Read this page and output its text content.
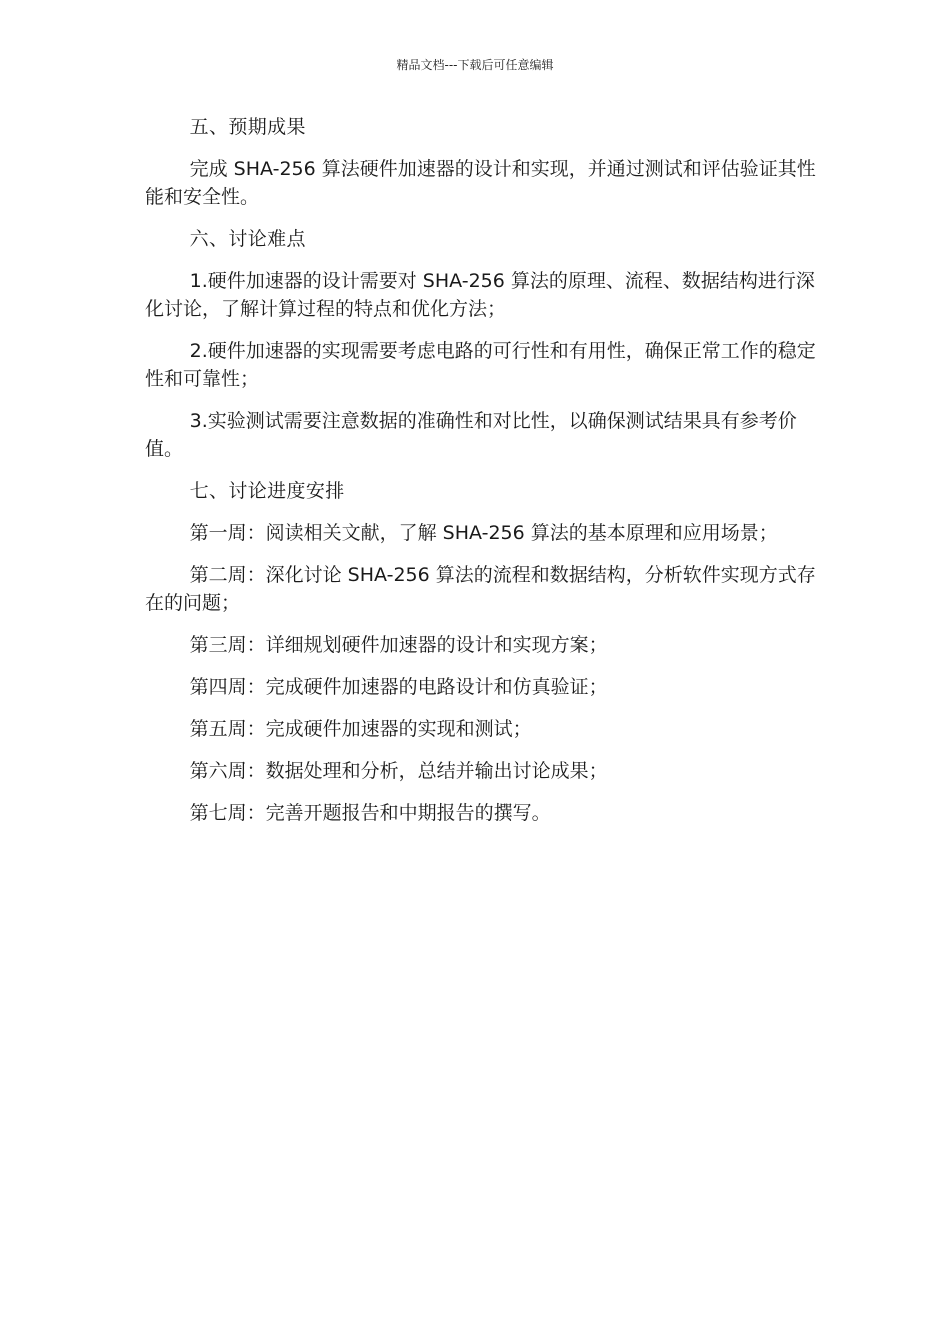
精品文档---下载后可任意编辑

五、预期成果

完成 SHA-256 算法硬件加速器的设计和实现，并通过测试和评估验证其性能和安全性。

六、讨论难点

1.硬件加速器的设计需要对 SHA-256 算法的原理、流程、数据结构进行深化讨论，了解计算过程的特点和优化方法；

2.硬件加速器的实现需要考虑电路的可行性和有用性，确保正常工作的稳定性和可靠性；

3.实验测试需要注意数据的准确性和对比性，以确保测试结果具有参考价值。

七、讨论进度安排

第一周：阅读相关文献，了解 SHA-256 算法的基本原理和应用场景；

第二周：深化讨论 SHA-256 算法的流程和数据结构，分析软件实现方式存在的问题；

第三周：详细规划硬件加速器的设计和实现方案；

第四周：完成硬件加速器的电路设计和仿真验证；

第五周：完成硬件加速器的实现和测试；

第六周：数据处理和分析，总结并输出讨论成果；

第七周：完善开题报告和中期报告的撰写。
